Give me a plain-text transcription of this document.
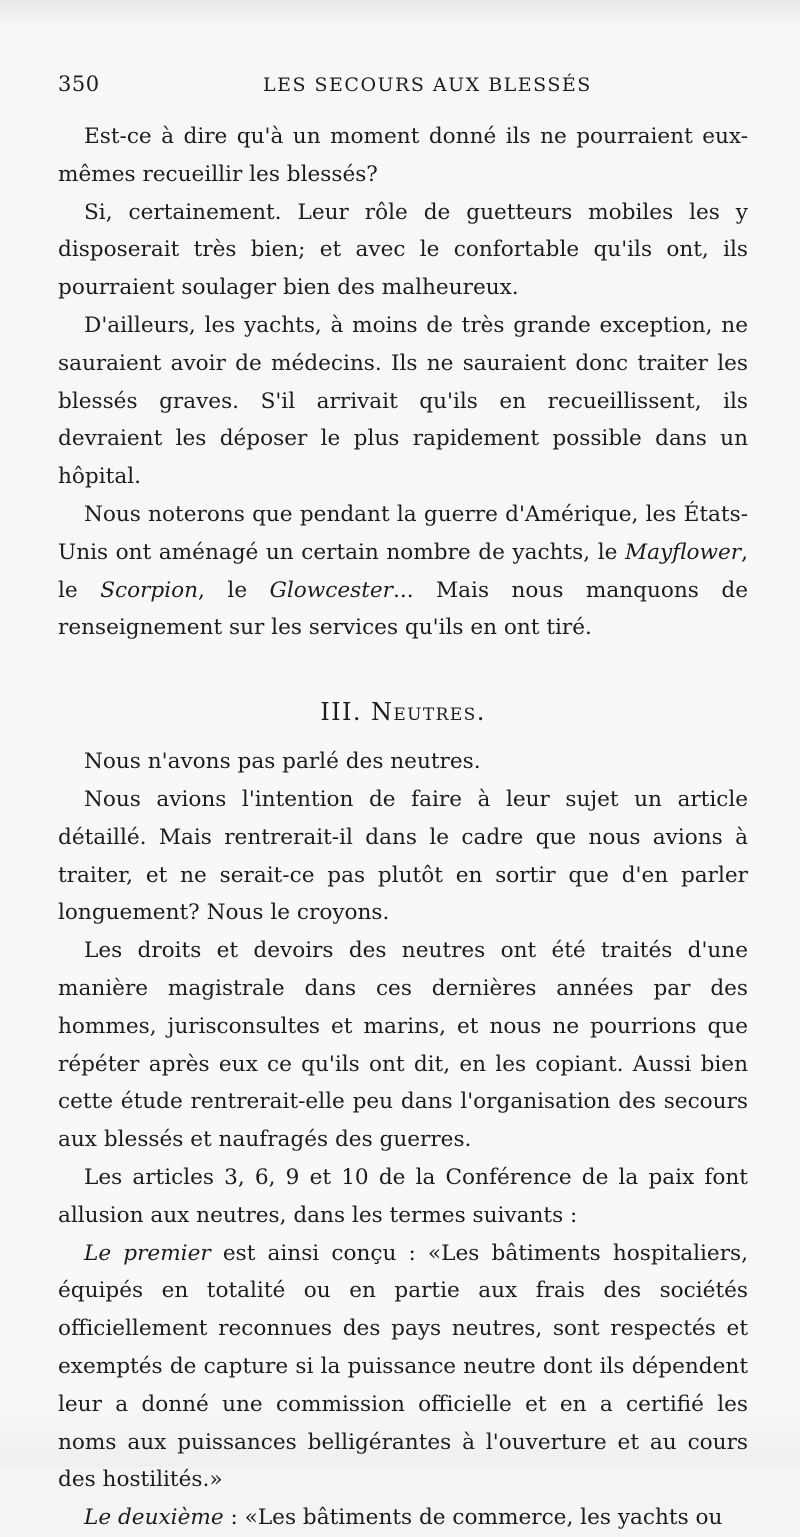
350	LES SECOURS AUX BLESSÉS

Est-ce à dire qu'à un moment donné ils ne pourraient eux-mêmes recueillir les blessés?

Si, certainement. Leur rôle de guetteurs mobiles les y disposerait très bien; et avec le confortable qu'ils ont, ils pourraient soulager bien des malheureux.

D'ailleurs, les yachts, à moins de très grande exception, ne sauraient avoir de médecins. Ils ne sauraient donc traiter les blessés graves. S'il arrivait qu'ils en recueillissent, ils devraient les déposer le plus rapidement possible dans un hôpital.

Nous noterons que pendant la guerre d'Amérique, les États-Unis ont aménagé un certain nombre de yachts, le Mayflower, le Scorpion, le Glowcester... Mais nous manquons de renseignement sur les services qu'ils en ont tiré.

III. Neutres.

Nous n'avons pas parlé des neutres.

Nous avions l'intention de faire à leur sujet un article détaillé. Mais rentrerait-il dans le cadre que nous avions à traiter, et ne serait-ce pas plutôt en sortir que d'en parler longuement? Nous le croyons.

Les droits et devoirs des neutres ont été traités d'une manière magistrale dans ces dernières années par des hommes, jurisconsultes et marins, et nous ne pourrions que répéter après eux ce qu'ils ont dit, en les copiant. Aussi bien cette étude rentrerait-elle peu dans l'organisation des secours aux blessés et naufragés des guerres.

Les articles 3, 6, 9 et 10 de la Conférence de la paix font allusion aux neutres, dans les termes suivants :

Le premier est ainsi conçu : «Les bâtiments hospitaliers, équipés en totalité ou en partie aux frais des sociétés officiellement reconnues des pays neutres, sont respectés et exemptés de capture si la puissance neutre dont ils dépendent leur a donné une commission officielle et en a certifié les noms aux puissances belligérantes à l'ouverture et au cours des hostilités.»

Le deuxième : «Les bâtiments de commerce, les yachts ou
